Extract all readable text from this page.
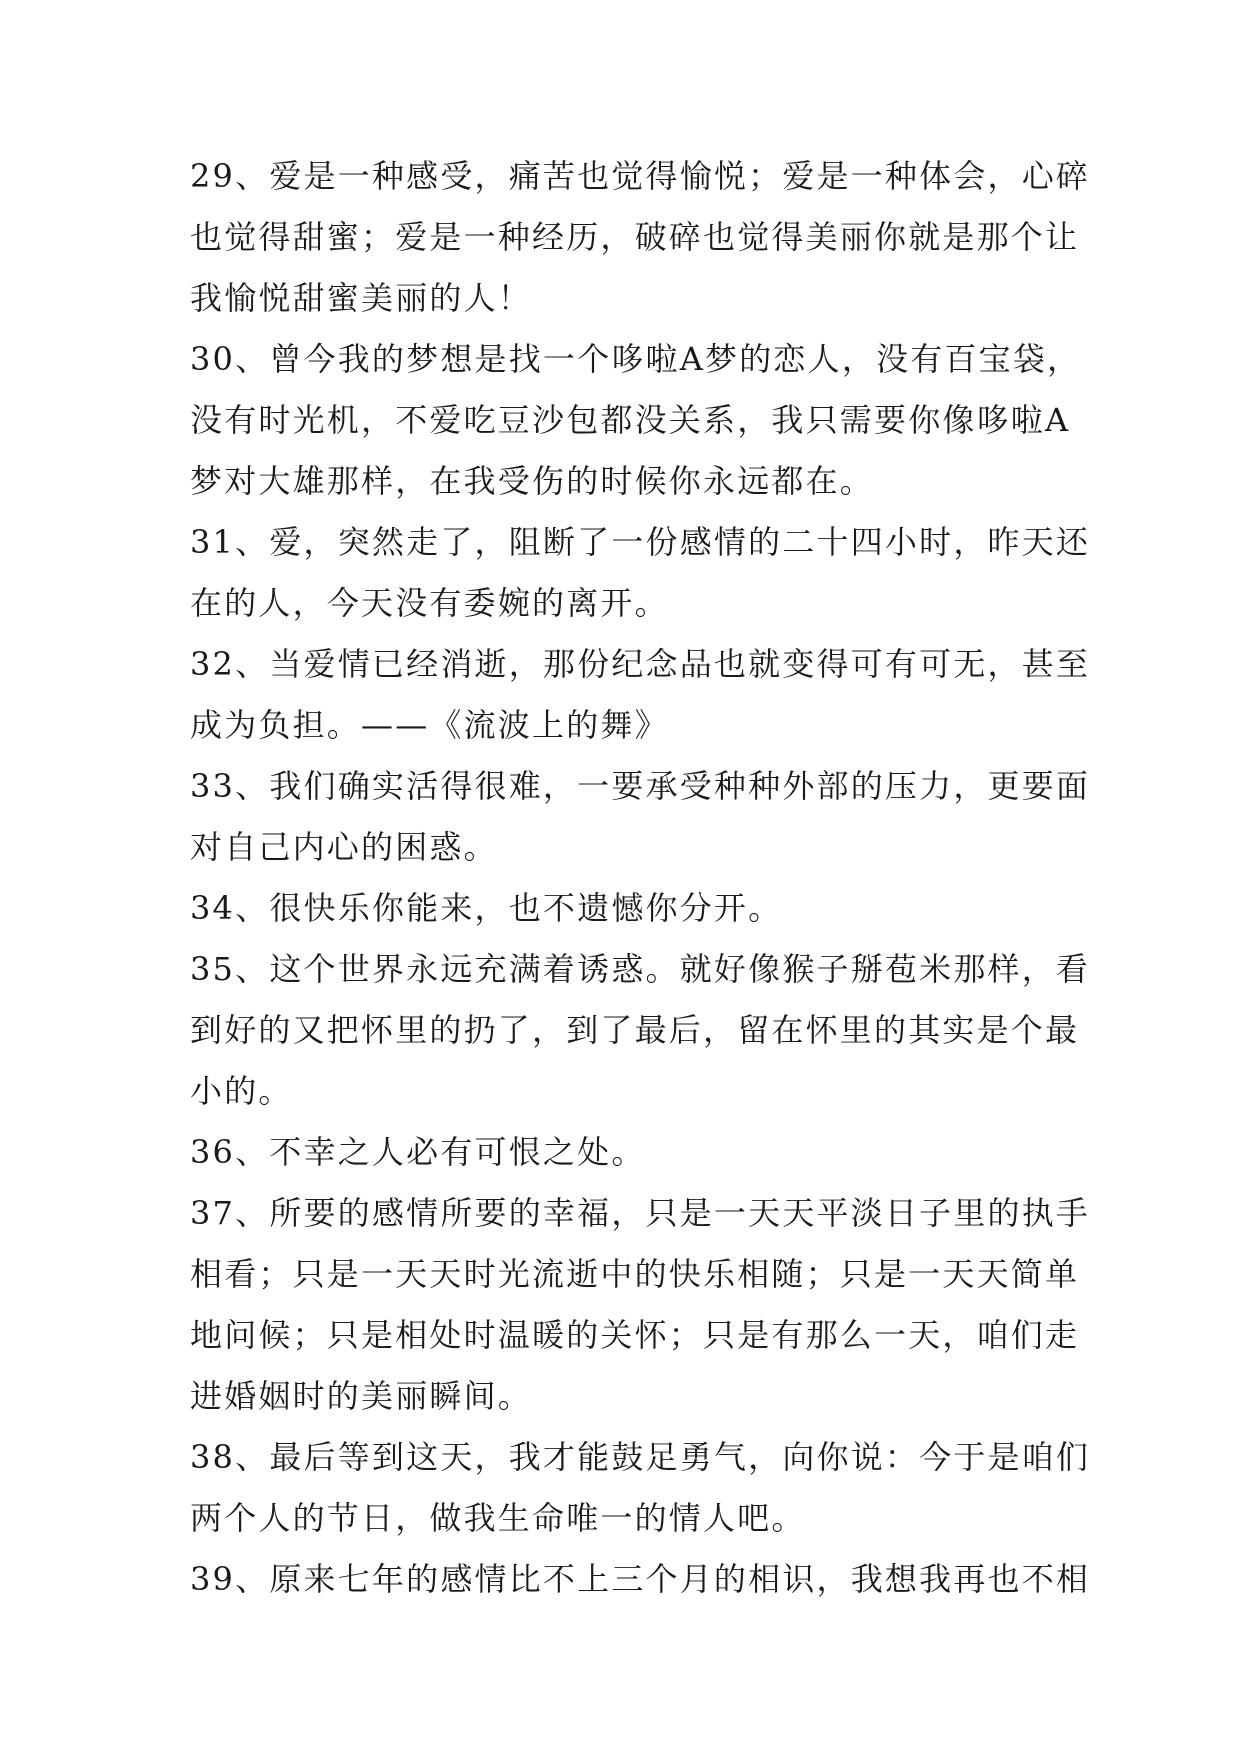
29、爱是一种感受，痛苦也觉得愉悦；爱是一种体会，心碎
也觉得甜蜜；爱是一种经历，破碎也觉得美丽你就是那个让
我愉悦甜蜜美丽的人！
30、曾今我的梦想是找一个哆啦A梦的恋人，没有百宝袋，
没有时光机，不爱吃豆沙包都没关系，我只需要你像哆啦A
梦对大雄那样，在我受伤的时候你永远都在。
31、爱，突然走了，阻断了一份感情的二十四小时，昨天还
在的人，今天没有委婉的离开。
32、当爱情已经消逝，那份纪念品也就变得可有可无，甚至
成为负担。——《流波上的舞》
33、我们确实活得很难，一要承受种种外部的压力，更要面
对自己内心的困惑。
34、很快乐你能来，也不遗憾你分开。
35、这个世界永远充满着诱惑。就好像猴子掰苞米那样，看
到好的又把怀里的扔了，到了最后，留在怀里的其实是个最
小的。
36、不幸之人必有可恨之处。
37、所要的感情所要的幸福，只是一天天平淡日子里的执手
相看；只是一天天时光流逝中的快乐相随；只是一天天简单
地问候；只是相处时温暖的关怀；只是有那么一天，咱们走
进婚姻时的美丽瞬间。
38、最后等到这天，我才能鼓足勇气，向你说：今于是咱们
两个人的节日，做我生命唯一的情人吧。
39、原来七年的感情比不上三个月的相识，我想我再也不相
